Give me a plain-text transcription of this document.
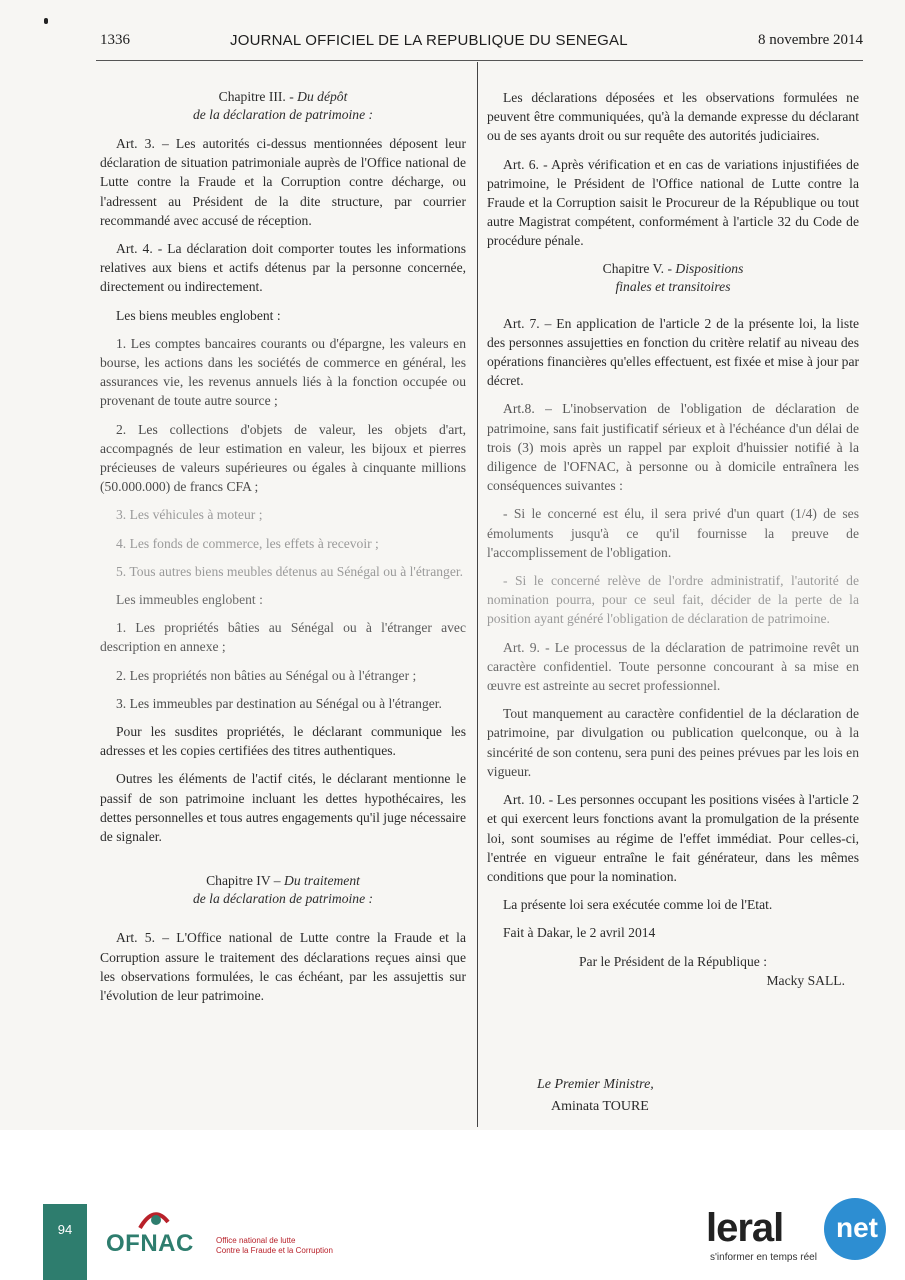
1336	JOURNAL OFFICIEL DE LA REPUBLIQUE DU SENEGAL	8 novembre 2014
Chapitre III. - Du dépôt
de la déclaration de patrimoine :

Art. 3. – Les autorités ci-dessus mentionnées déposent leur déclaration de situation patrimoniale auprès de l'Office national de Lutte contre la Fraude et la Corruption contre décharge, ou l'adressent au Président de la dite structure, par courrier recommandé avec accusé de réception.

Art. 4. - La déclaration doit comporter toutes les informations relatives aux biens et actifs détenus par la personne concernée, directement ou indirectement.

Les biens meubles englobent :

1. Les comptes bancaires courants ou d'épargne, les valeurs en bourse, les actions dans les sociétés de commerce en général, les assurances vie, les revenus annuels liés à la fonction occupée ou provenant de toute autre source ;

2. Les collections d'objets de valeur, les objets d'art, accompagnés de leur estimation en valeur, les bijoux et pierres précieuses de valeurs supérieures ou égales à cinquante millions (50.000.000) de francs CFA ;

3. Les véhicules à moteur ;

4. Les fonds de commerce, les effets à recevoir ;

5. Tous autres biens meubles détenus au Sénégal ou à l'étranger.

Les immeubles englobent :

1. Les propriétés bâties au Sénégal ou à l'étranger avec description en annexe ;

2. Les propriétés non bâties au Sénégal ou à l'étranger ;

3. Les immeubles par destination au Sénégal ou à l'étranger.

Pour les susdites propriétés, le déclarant communique les adresses et les copies certifiées des titres authentiques.

Outres les éléments de l'actif cités, le déclarant mentionne le passif de son patrimoine incluant les dettes hypothécaires, les dettes personnelles et tous autres engagements qu'il juge nécessaire de signaler.

Chapitre IV – Du traitement
de la déclaration de patrimoine :

Art. 5. – L'Office national de Lutte contre la Fraude et la Corruption assure le traitement des déclarations reçues ainsi que les observations formulées, le cas échéant, par les assujettis sur l'évolution de leur patrimoine.

Les déclarations déposées et les observations formulées ne peuvent être communiquées, qu'à la demande expresse du déclarant ou de ses ayants droit ou sur requête des autorités judiciaires.

Art. 6. - Après vérification et en cas de variations injustifiées de patrimoine, le Président de l'Office national de Lutte contre la Fraude et la Corruption saisit le Procureur de la République ou tout autre Magistrat compétent, conformément à l'article 32 du Code de procédure pénale.

Chapitre V. - Dispositions
finales et transitoires

Art. 7. – En application de l'article 2 de la présente loi, la liste des personnes assujetties en fonction du critère relatif au niveau des opérations financières qu'elles effectuent, est fixée et mise à jour par décret.

Art.8. – L'inobservation de l'obligation de déclaration de patrimoine, sans fait justificatif sérieux et à l'échéance d'un délai de trois (3) mois après un rappel par exploit d'huissier notifié à la diligence de l'OFNAC, à personne ou à domicile entraînera les conséquences suivantes :

- Si le concerné est élu, il sera privé d'un quart (1/4) de ses émoluments jusqu'à ce qu'il fournisse la preuve de l'accomplissement de l'obligation.

- Si le concerné relève de l'ordre administratif, l'autorité de nomination pourra, pour ce seul fait, décider de la perte de la position ayant généré l'obligation de déclaration de patrimoine.

Art. 9. - Le processus de la déclaration de patrimoine revêt un caractère confidentiel. Toute personne concourant à sa mise en œuvre est astreinte au secret professionnel.

Tout manquement au caractère confidentiel de la déclaration de patrimoine, par divulgation ou publication quelconque, ou à la sincérité de son contenu, sera puni des peines prévues par les lois en vigueur.

Art. 10. - Les personnes occupant les positions visées à l'article 2 et qui exercent leurs fonctions avant la promulgation de la présente loi, sont soumises au régime de l'effet immédiat. Pour celles-ci, l'entrée en vigueur entraîne le fait générateur, dans les mêmes conditions que pour la nomination.

La présente loi sera exécutée comme loi de l'Etat.

Fait à Dakar, le 2 avril 2014

Par le Président de la République :
Macky SALL.
Le Premier Ministre,
Aminata TOURE
94
OFNAC	Office national de lutte
Contre la Fraude et la Corruption
leral	net
s'informer en temps réel
